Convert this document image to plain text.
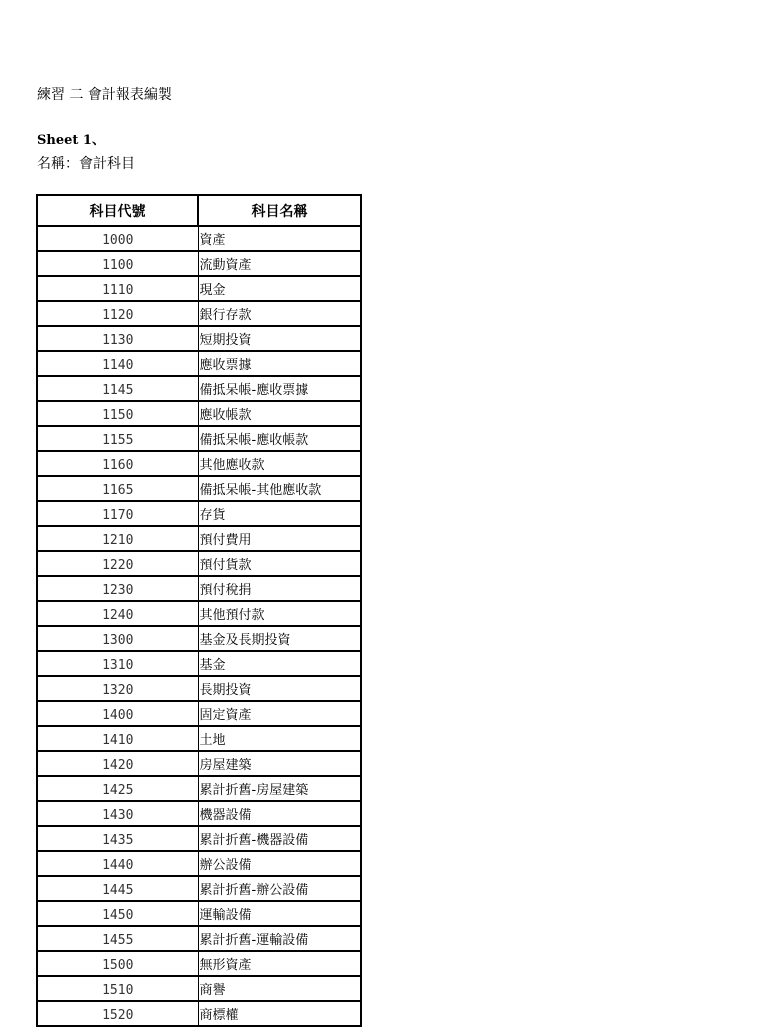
練習 二 會計報表編製
Sheet 1、
名稱：會計科目
科目代號	科目名稱
1000	資產
1100	流動資產
1110	現金
1120	銀行存款
1130	短期投資
1140	應收票據
1145	備抵呆帳-應收票據
1150	應收帳款
1155	備抵呆帳-應收帳款
1160	其他應收款
1165	備抵呆帳-其他應收款
1170	存貨
1210	預付費用
1220	預付貨款
1230	預付稅捐
1240	其他預付款
1300	基金及長期投資
1310	基金
1320	長期投資
1400	固定資產
1410	土地
1420	房屋建築
1425	累計折舊-房屋建築
1430	機器設備
1435	累計折舊-機器設備
1440	辦公設備
1445	累計折舊-辦公設備
1450	運輸設備
1455	累計折舊-運輸設備
1500	無形資產
1510	商譽
1520	商標權
